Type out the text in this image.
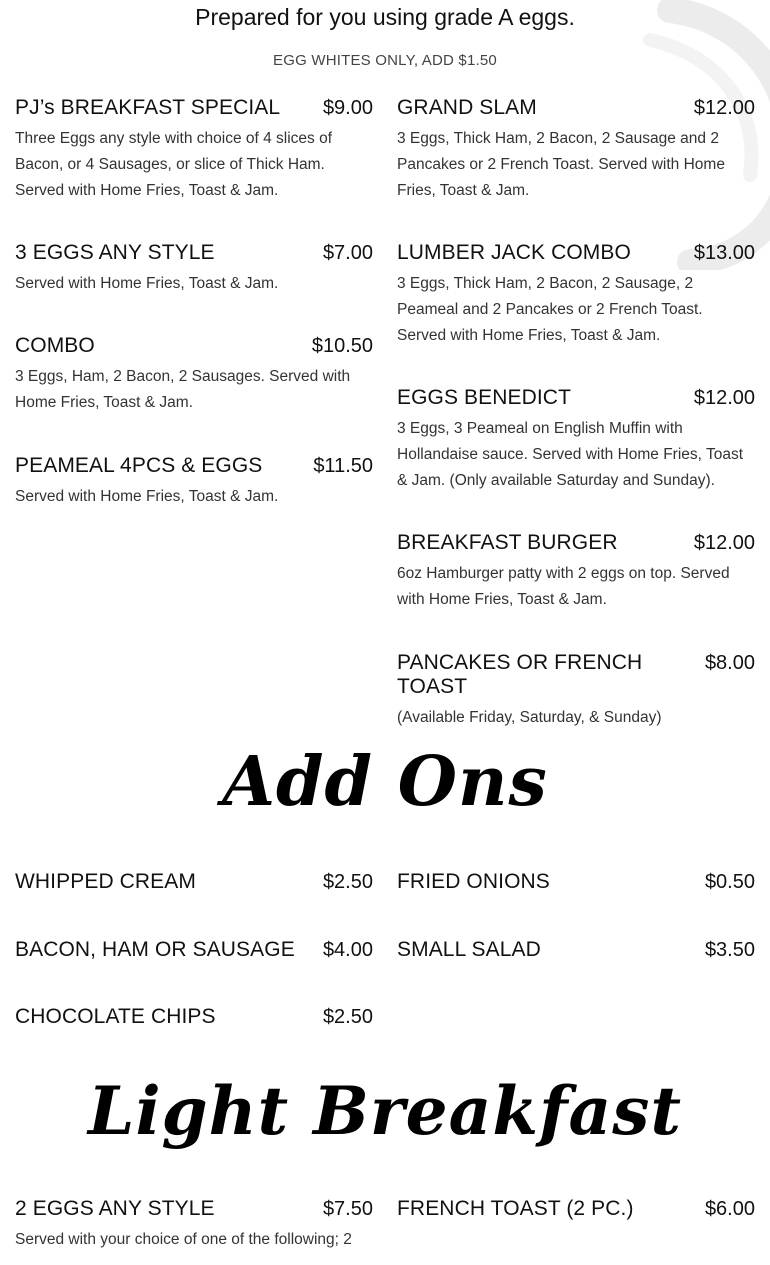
Prepared for you using grade A eggs.
EGG WHITES ONLY, ADD $1.50
PJ’s BREAKFAST SPECIAL $9.00
Three Eggs any style with choice of 4 slices of Bacon, or 4 Sausages, or slice of Thick Ham. Served with Home Fries, Toast & Jam.
3 EGGS ANY STYLE	$7.00
Served with Home Fries, Toast & Jam.
COMBO	$10.50
3 Eggs, Ham, 2 Bacon, 2 Sausages. Served with Home Fries, Toast & Jam.
PEAMEAL 4PCS & EGGS	$11.50
Served with Home Fries, Toast & Jam.
GRAND SLAM	$12.00
3 Eggs, Thick Ham, 2 Bacon, 2 Sausage and 2 Pancakes or 2 French Toast. Served with Home Fries, Toast & Jam.
LUMBER JACK COMBO	$13.00
3 Eggs, Thick Ham, 2 Bacon, 2 Sausage, 2 Peameal and 2 Pancakes or 2 French Toast. Served with Home Fries, Toast & Jam.
EGGS BENEDICT	$12.00
3 Eggs, 3 Peameal on English Muffin with Hollandaise sauce. Served with Home Fries, Toast & Jam. (Only available Saturday and Sunday).
BREAKFAST BURGER	$12.00
6oz Hamburger patty with 2 eggs on top. Served with Home Fries, Toast & Jam.
PANCAKES OR FRENCH TOAST
$8.00
(Available Friday, Saturday, & Sunday)
Add Ons
WHIPPED CREAM	$2.50
BACON, HAM OR SAUSAGE $4.00
CHOCOLATE CHIPS	$2.50
FRIED ONIONS	$0.50
SMALL SALAD	$3.50
Light Breakfast
2 EGGS ANY STYLE	$7.50
Served with your choice of one of the following; 2
FRENCH TOAST (2 PC.)	$6.00
